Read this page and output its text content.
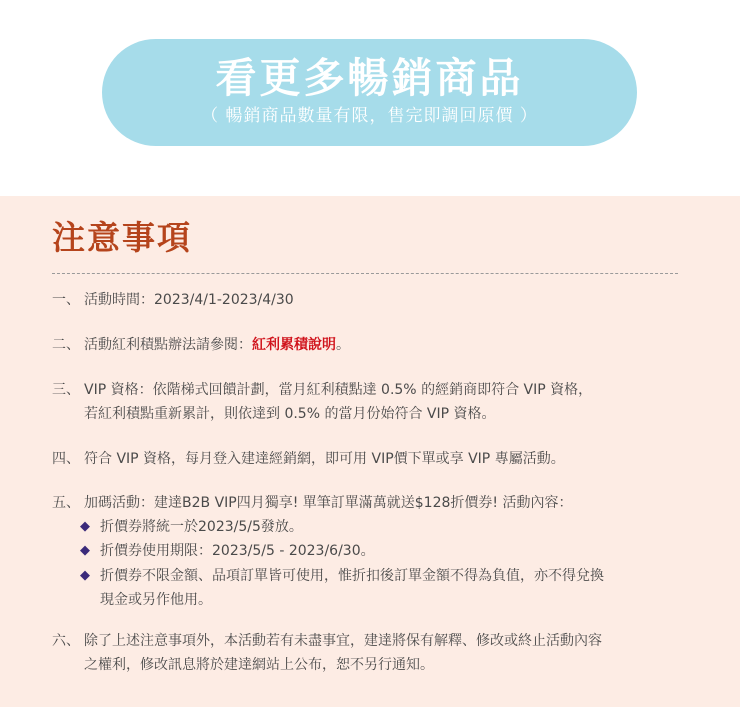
看更多暢銷商品
（ 暢銷商品數量有限，售完即調回原價 ）
注意事項
一、 活動時間：2023/4/1-2023/4/30
二、 活動紅利積點辦法請參閱：紅利累積說明。
三、 VIP 資格：依階梯式回饋計劃，當月紅利積點達 0.5% 的經銷商即符合 VIP 資格，
若紅利積點重新累計，則依達到 0.5% 的當月份始符合 VIP 資格。
四、 符合 VIP 資格，每月登入建達經銷網，即可用 VIP價下單或享 VIP 專屬活動。
五、 加碼活動：建達B2B VIP四月獨享! 單筆訂單滿萬就送$128折價券! 活動內容：
◆ 折價券將統一於2023/5/5發放。
◆ 折價券使用期限：2023/5/5 - 2023/6/30。
◆ 折價券不限金額、品項訂單皆可使用，惟折扣後訂單金額不得為負值，亦不得兌換
現金或另作他用。
六、 除了上述注意事項外，本活動若有未盡事宜，建達將保有解釋、修改或終止活動內容
之權利，修改訊息將於建達網站上公布，恕不另行通知。
